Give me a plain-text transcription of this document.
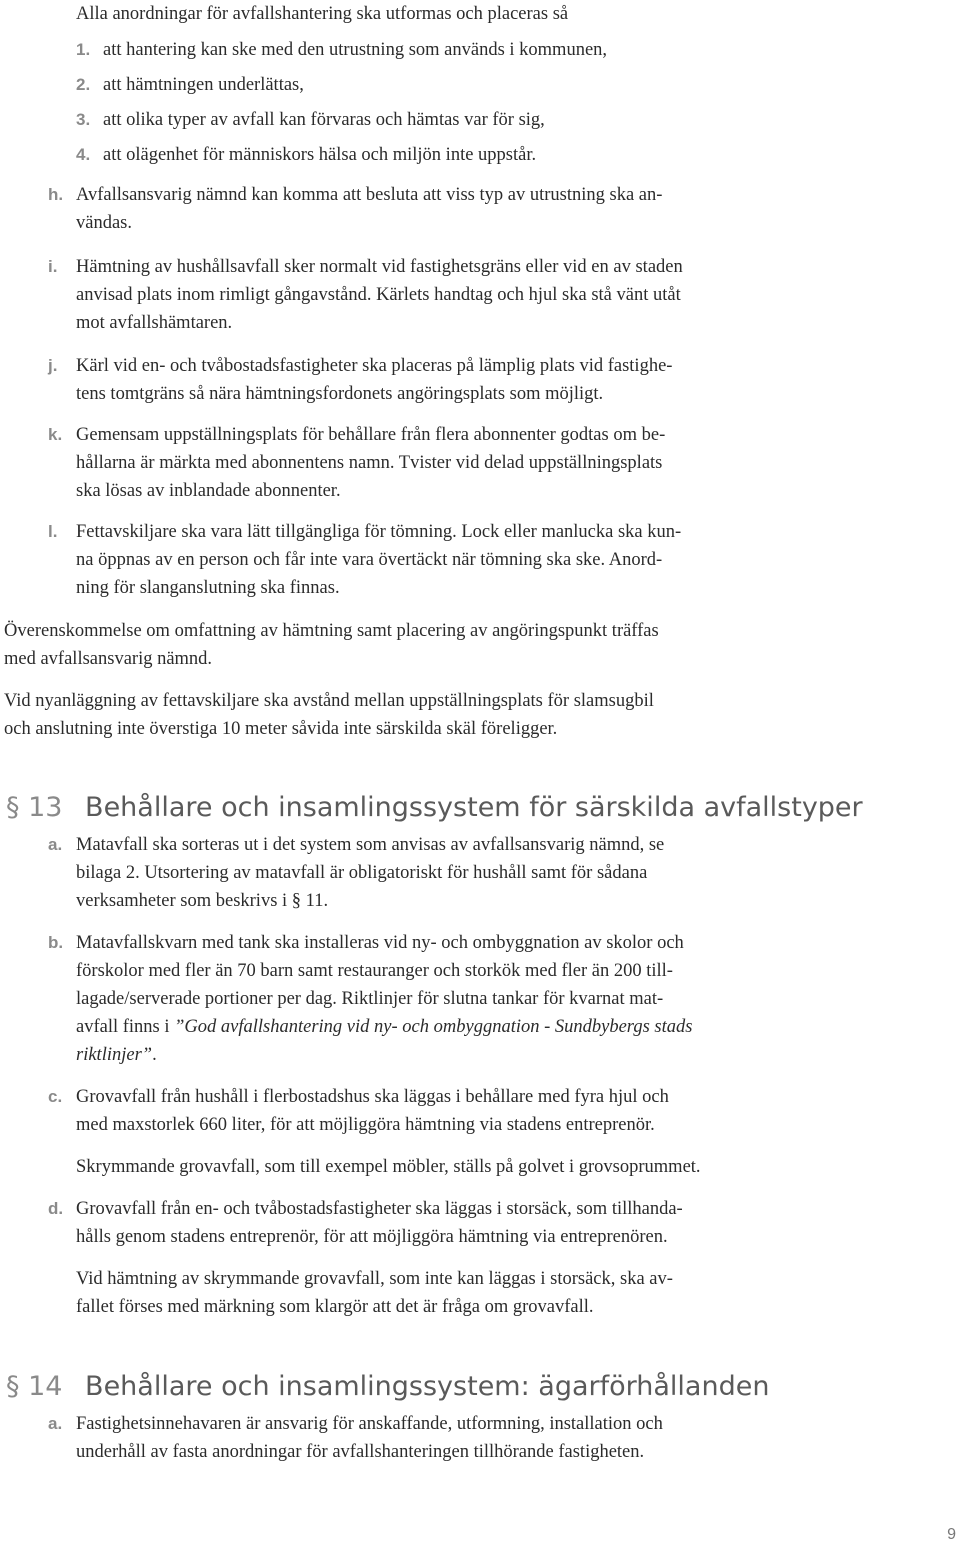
Alla anordningar för avfallshantering ska utformas och placeras så
1. att hantering kan ske med den utrustning som används i kommunen,
2. att hämtningen underlättas,
3. att olika typer av avfall kan förvaras och hämtas var för sig,
4. att olägenhet för människors hälsa och miljön inte uppstår.
h. Avfallsansvarig nämnd kan komma att besluta att viss typ av utrustning ska an-
vändas.
i. Hämtning av hushållsavfall sker normalt vid fastighetsgräns eller vid en av staden
anvisad plats inom rimligt gångavstånd. Kärlets handtag och hjul ska stå vänt utåt
mot avfallshämtaren.
j. Kärl vid en- och tvåbostadsfastigheter ska placeras på lämplig plats vid fastighe-
tens tomtgräns så nära hämtningsfordonets angöringsplats som möjligt.
k. Gemensam uppställningsplats för behållare från flera abonnenter godtas om be-
hållarna är märkta med abonnentens namn. Tvister vid delad uppställningsplats
ska lösas av inblandade abonnenter.
l. Fettavskiljare ska vara lätt tillgängliga för tömning. Lock eller manlucka ska kun-
na öppnas av en person och får inte vara övertäckt när tömning ska ske. Anord-
ning för slanganslutning ska finnas.
Överenskommelse om omfattning av hämtning samt placering av angöringspunkt träffas
med avfallsansvarig nämnd.
Vid nyanläggning av fettavskiljare ska avstånd mellan uppställningsplats för slamsugbil
och anslutning inte överstiga 10 meter såvida inte särskilda skäl föreligger.
§ 13 Behållare och insamlingssystem för särskilda avfallstyper
a. Matavfall ska sorteras ut i det system som anvisas av avfallsansvarig nämnd, se
bilaga 2. Utsortering av matavfall är obligatoriskt för hushåll samt för sådana
verksamheter som beskrivs i § 11.
b. Matavfallskvarn med tank ska installeras vid ny- och ombyggnation av skolor och
förskolor med fler än 70 barn samt restauranger och storkök med fler än 200 till-
lagade/serverade portioner per dag. Riktlinjer för slutna tankar för kvarnat mat-
avfall finns i ”God avfallshantering vid ny- och ombyggnation - Sundbybergs stads
riktlinjer”.
c. Grovavfall från hushåll i flerbostadshus ska läggas i behållare med fyra hjul och
med maxstorlek 660 liter, för att möjliggöra hämtning via stadens entreprenör.
Skrymmande grovavfall, som till exempel möbler, ställs på golvet i grovsoprummet.
d. Grovavfall från en- och tvåbostadsfastigheter ska läggas i storsäck, som tillhanda-
hålls genom stadens entreprenör, för att möjliggöra hämtning via entreprenören.
Vid hämtning av skrymmande grovavfall, som inte kan läggas i storsäck, ska av-
fallet förses med märkning som klargör att det är fråga om grovavfall.
§ 14 Behållare och insamlingssystem: ägarförhållanden
a. Fastighetsinnehavaren är ansvarig för anskaffande, utformning, installation och
underhåll av fasta anordningar för avfallshanteringen tillhörande fastigheten.
9
